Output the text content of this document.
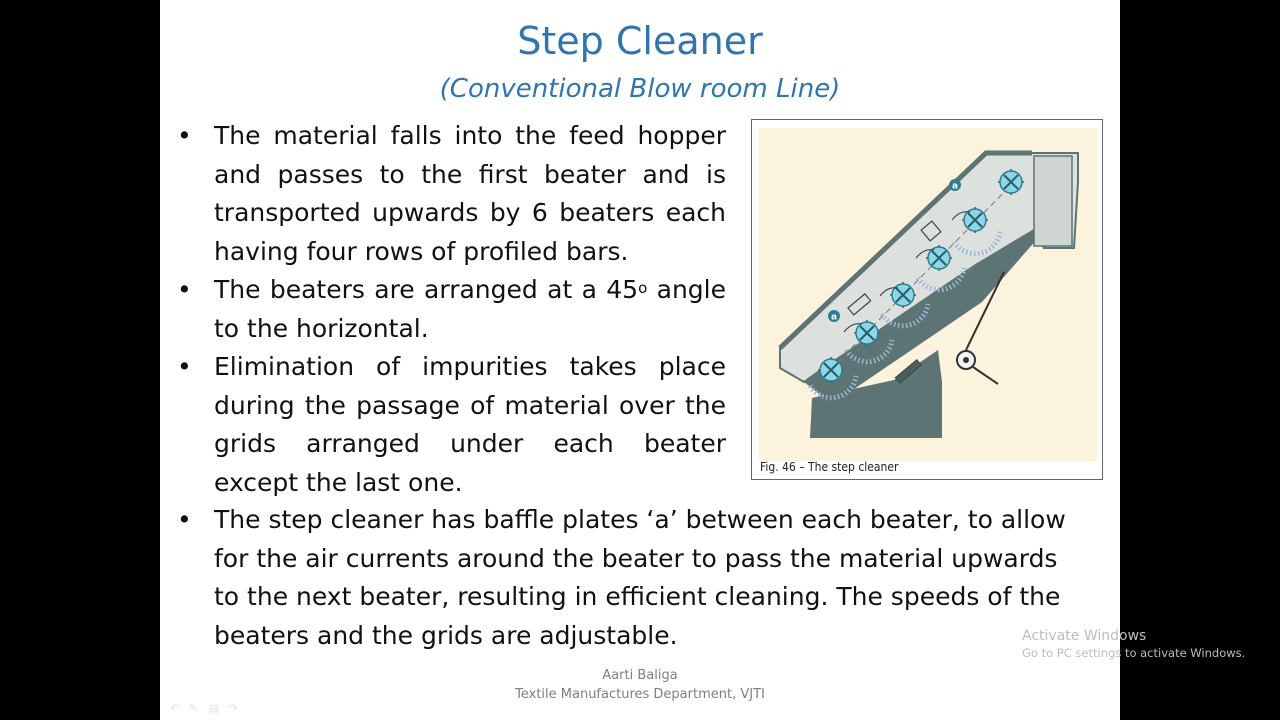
Step Cleaner
(Conventional Blow room Line)
• The material falls into the feed hopper and passes to the first beater and is transported upwards by 6 beaters each having four rows of profiled bars.
• The beaters are arranged at a 45$^o$ angle to the horizontal.
• Elimination of impurities takes place during the passage of material over the grids arranged under each beater except the last one.
• The step cleaner has baffle plates ‘a’ between each beater, to allow for the air currents around the beater to pass the material upwards to the next beater, resulting in efficient cleaning. The speeds of the beaters and the grids are adjustable.
a
a
Fig. 46 – The step cleaner
Aarti Baliga
Textile Manufactures Department, VJTI
↶ ✎ ▤ ↷
Activate Windows
Go to PC settings to activate Windows.
